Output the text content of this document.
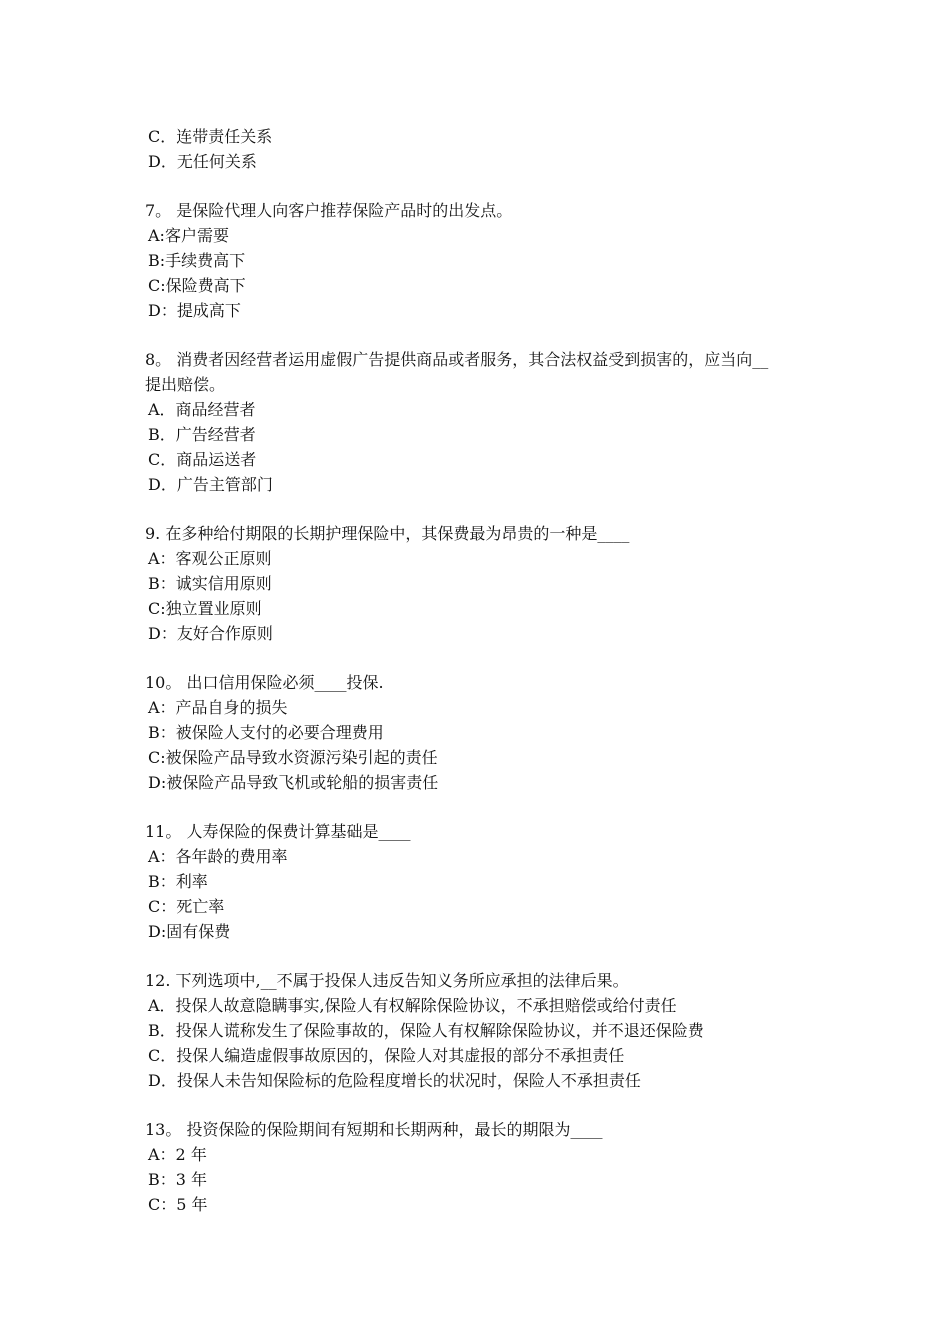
C．连带责任关系
D．无任何关系
7。 是保险代理人向客户推荐保险产品时的出发点。
A:客户需要
B:手续费高下
C:保险费高下
D：提成高下
8。 消费者因经营者运用虚假广告提供商品或者服务，其合法权益受到损害的，应当向__
提出赔偿。
A．商品经营者
B．广告经营者
C．商品运送者
D．广告主管部门
9. 在多种给付期限的长期护理保险中，其保费最为昂贵的一种是____
A：客观公正原则
B：诚实信用原则
C:独立置业原则
D：友好合作原则
10。 出口信用保险必须____投保.
A：产品自身的损失
B：被保险人支付的必要合理费用
C:被保险产品导致水资源污染引起的责任
D:被保险产品导致飞机或轮船的损害责任
11。 人寿保险的保费计算基础是____
A：各年龄的费用率
B：利率
C：死亡率
D:固有保费
12. 下列选项中,__不属于投保人违反告知义务所应承担的法律后果。
A．投保人故意隐瞒事实,保险人有权解除保险协议，不承担赔偿或给付责任
B．投保人谎称发生了保险事故的，保险人有权解除保险协议，并不退还保险费
C．投保人编造虚假事故原因的，保险人对其虚报的部分不承担责任
D．投保人未告知保险标的危险程度增长的状况时，保险人不承担责任
13。 投资保险的保险期间有短期和长期两种，最长的期限为____
A：2 年
B：3 年
C：5 年
